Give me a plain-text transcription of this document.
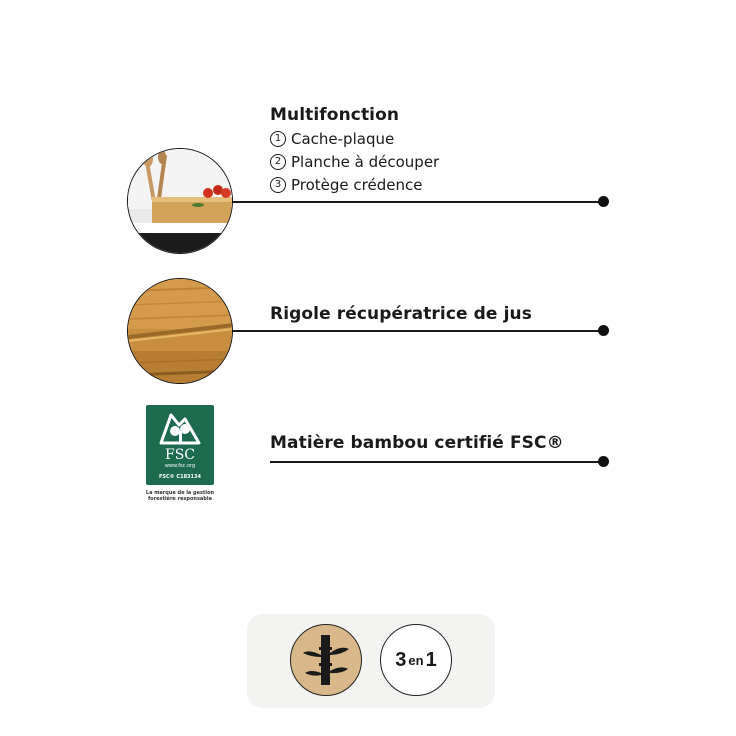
Multifonction
1 Cache-plaque
2 Planche à découper
3 Protège crédence
Rigole récupératrice de jus
FSC
www.fsc.org
FSC® C183134
La marque de la gestion forestière responsable
Matière bambou certifié FSC®
3 en 1
